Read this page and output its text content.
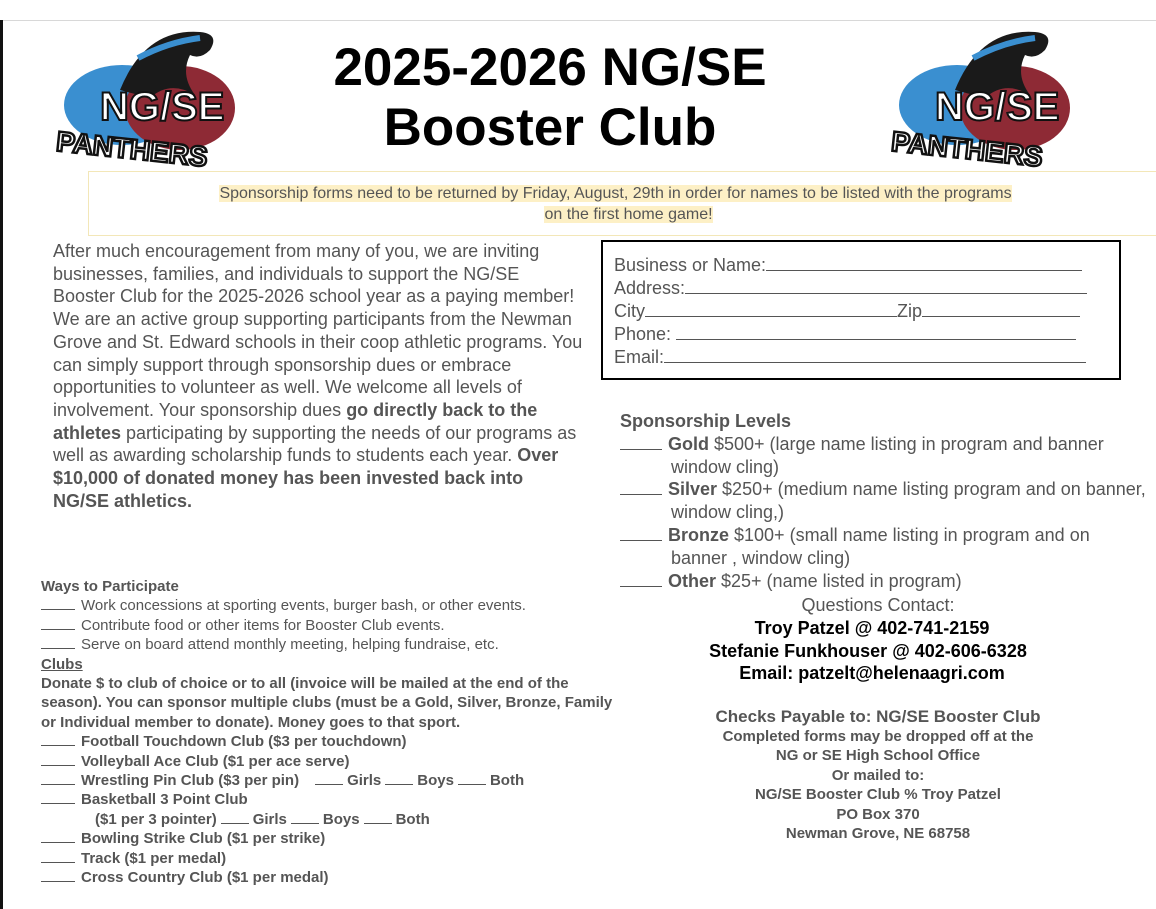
NG/SE
PANTHERS
NG/SE
PANTHERS
2025-2026 NG/SE
Booster Club
Sponsorship forms need to be returned by Friday, August, 29th in order for names to be listed with the programs
on the first home game!
After much encouragement from many of you, we are inviting businesses, families, and individuals to support the NG/SE Booster Club for the 2025-2026 school year as a paying member! We are an active group supporting participants from the Newman Grove and St. Edward schools in their coop athletic programs. You can simply support through sponsorship dues or embrace opportunities to volunteer as well. We welcome all levels of involvement. Your sponsorship dues go directly back to the athletes participating by supporting the needs of our programs as well as awarding scholarship funds to students each year. Over $10,000 of donated money has been invested back into NG/SE athletics.
Business or Name:
Address:
City	Zip
Phone:
Email:
Sponsorship Levels
Gold $500+ (large name listing in program and banner window cling)
Silver $250+ (medium name listing program and on banner, window cling,)
Bronze $100+ (small name listing in program and on banner , window cling)
Other $25+ (name listed in program)
Questions Contact:
Troy Patzel @ 402-741-2159
Stefanie Funkhouser @ 402-606-6328
Email: patzelt@helenaagri.com
Checks Payable to: NG/SE Booster Club
Completed forms may be dropped off at the
NG or SE High School Office
Or mailed to:
NG/SE Booster Club % Troy Patzel
PO Box 370
Newman Grove, NE 68758
Ways to Participate
Work concessions at sporting events, burger bash, or other events.
Contribute food or other items for Booster Club events.
Serve on board attend monthly meeting, helping fundraise, etc.
Clubs
Donate $ to club of choice or to all (invoice will be mailed at the end of the season). You can sponsor multiple clubs (must be a Gold, Silver, Bronze, Family or Individual member to donate). Money goes to that sport.
Football Touchdown Club ($3 per touchdown)
Volleyball Ace Club ($1 per ace serve)
Wrestling Pin Club ($3 per pin)	Girls Boys Both
Basketball 3 Point Club
($1 per 3 pointer) Girls Boys Both
Bowling Strike Club ($1 per strike)
Track ($1 per medal)
Cross Country Club ($1 per medal)
